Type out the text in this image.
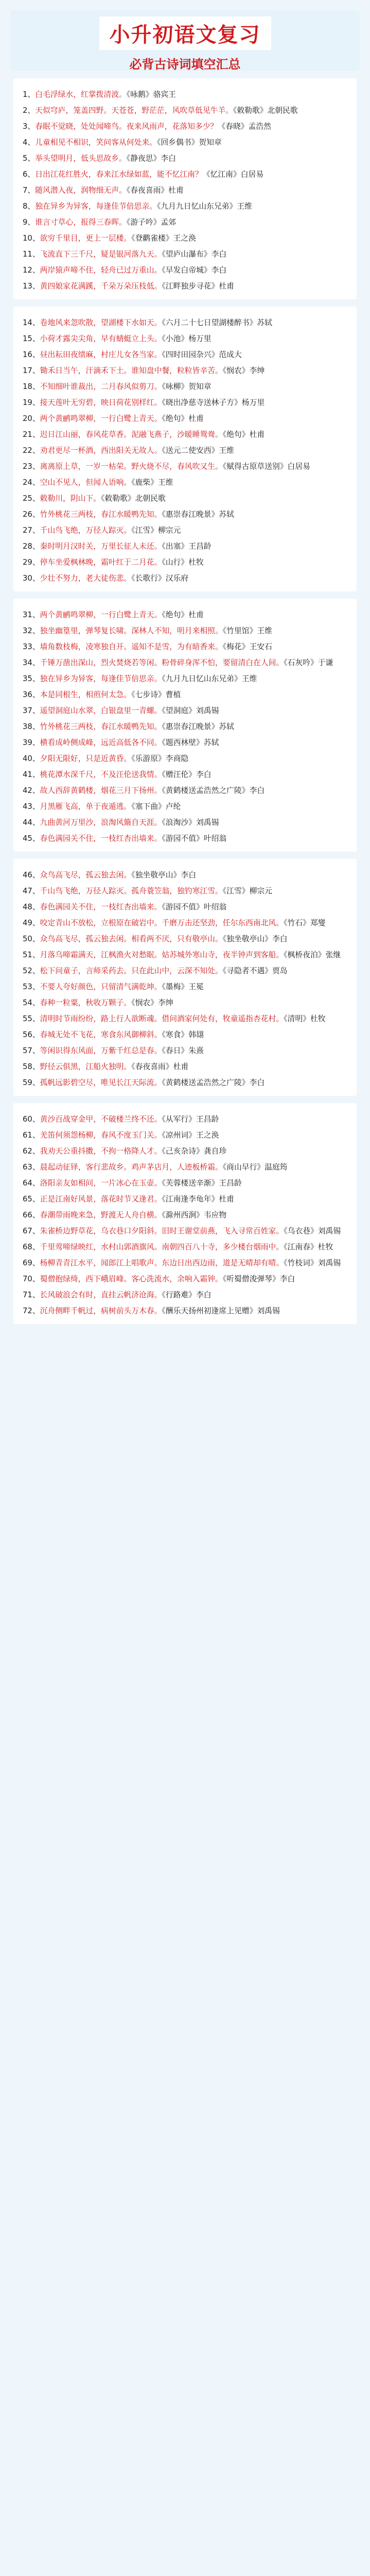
小升初语文复习
必背古诗词填空汇总

1、白毛浮绿水，红掌拨清波。《咏鹅》骆宾王

2、天似穹庐，笼盖四野。天苍苍，野茫茫，风吹草低见牛羊。《敕勒歌》北朝民歌

3、春眠不觉晓，处处闻啼鸟。夜来风雨声，花落知多少？《春晓》孟浩然

4、儿童相见不相识，笑问客从何处来。《回乡偶书》贺知章

5、举头望明月，低头思故乡。《静夜思》李白

6、日出江花红胜火，春来江水绿如蓝，能不忆江南？《忆江南》白居易

7、随风潜入夜，润物细无声。《春夜喜雨》杜甫

8、独在异乡为异客，每逢佳节倍思亲。《九月九日忆山东兄弟》王维

9、谁言寸草心，报得三春晖。《游子吟》孟郊

10、欲穷千里目，更上一层楼。《登鹳雀楼》王之涣

11、飞流直下三千尺，疑是银河落九天。《望庐山瀑布》李白

12、两岸猿声啼不住，轻舟已过万重山。《早发白帝城》李白

13、黄四娘家花满蹊，千朵万朵压枝低。《江畔独步寻花》杜甫

14、卷地风来忽吹散，望湖楼下水如天。《六月二十七日望湖楼醉书》苏轼

15、小荷才露尖尖角，早有蜻蜓立上头。《小池》杨万里

16、昼出耘田夜绩麻，村庄儿女各当家。《四时田园杂兴》范成大

17、锄禾日当午，汗滴禾下土。谁知盘中餐，粒粒皆辛苦。《悯农》李绅

18、不知细叶谁裁出，二月春风似剪刀。《咏柳》贺知章

19、接天莲叶无穷碧，映日荷花别样红。《晓出净慈寺送林子方》杨万里

20、两个黄鹂鸣翠柳，一行白鹭上青天。《绝句》杜甫

21、迟日江山丽，春风花草香。泥融飞燕子，沙暖睡鸳鸯。《绝句》杜甫

22、劝君更尽一杯酒，西出阳关无故人。《送元二使安西》王维

23、离离原上草，一岁一枯荣。野火烧不尽，春风吹又生。《赋得古原草送别》白居易

24、空山不见人，但闻人语响。《鹿柴》王维

25、敕勒川，阴山下。《敕勒歌》北朝民歌

26、竹外桃花三两枝，春江水暖鸭先知。《惠崇春江晚景》苏轼

27、千山鸟飞绝，万径人踪灭。《江雪》柳宗元

28、秦时明月汉时关，万里长征人未还。《出塞》王昌龄

29、停车坐爱枫林晚，霜叶红于二月花。《山行》杜牧

30、少壮不努力，老大徒伤悲。《长歌行》汉乐府

31、两个黄鹂鸣翠柳，一行白鹭上青天。《绝句》杜甫

32、独坐幽篁里，弹琴复长啸。深林人不知，明月来相照。《竹里馆》王维

33、墙角数枝梅，凌寒独自开。遥知不是雪，为有暗香来。《梅花》王安石

34、千锤万凿出深山，烈火焚烧若等闲。粉骨碎身浑不怕，要留清白在人间。《石灰吟》于谦

35、独在异乡为异客，每逢佳节倍思亲。《九月九日忆山东兄弟》王维

36、本是同根生，相煎何太急。《七步诗》曹植

37、遥望洞庭山水翠，白银盘里一青螺。《望洞庭》刘禹锡

38、竹外桃花三两枝，春江水暖鸭先知。《惠崇春江晚景》苏轼

39、横看成岭侧成峰，远近高低各不同。《题西林壁》苏轼

40、夕阳无限好，只是近黄昏。《乐游原》李商隐

41、桃花潭水深千尺，不及汪伦送我情。《赠汪伦》李白

42、故人西辞黄鹤楼，烟花三月下扬州。《黄鹤楼送孟浩然之广陵》李白

43、月黑雁飞高，单于夜遁逃。《塞下曲》卢纶

44、九曲黄河万里沙，浪淘风簸自天涯。《浪淘沙》刘禹锡

45、春色满园关不住，一枝红杏出墙来。《游园不值》叶绍翁

46、众鸟高飞尽，孤云独去闲。《独坐敬亭山》李白

47、千山鸟飞绝，万径人踪灭。孤舟蓑笠翁，独钓寒江雪。《江雪》柳宗元

48、春色满园关不住，一枝红杏出墙来。《游园不值》叶绍翁

49、咬定青山不放松，立根原在破岩中。千磨万击还坚劲，任尔东西南北风。《竹石》郑燮

50、众鸟高飞尽，孤云独去闲。相看两不厌，只有敬亭山。《独坐敬亭山》李白

51、月落乌啼霜满天，江枫渔火对愁眠。姑苏城外寒山寺，夜半钟声到客船。《枫桥夜泊》张继

52、松下问童子，言师采药去。只在此山中，云深不知处。《寻隐者不遇》贾岛

53、不要人夸好颜色，只留清气满乾坤。《墨梅》王冕

54、春种一粒粟，秋收万颗子。《悯农》李绅

55、清明时节雨纷纷，路上行人欲断魂。借问酒家何处有，牧童遥指杏花村。《清明》杜牧

56、春城无处不飞花，寒食东风御柳斜。《寒食》韩翃

57、等闲识得东风面，万紫千红总是春。《春日》朱熹

58、野径云俱黑，江船火独明。《春夜喜雨》杜甫

59、孤帆远影碧空尽，唯见长江天际流。《黄鹤楼送孟浩然之广陵》李白

60、黄沙百战穿金甲，不破楼兰终不还。《从军行》王昌龄

61、羌笛何须怨杨柳，春风不度玉门关。《凉州词》王之涣

62、我劝天公重抖擞，不拘一格降人才。《己亥杂诗》龚自珍

63、晨起动征铎，客行悲故乡。鸡声茅店月，人迹板桥霜。《商山早行》温庭筠

64、洛阳亲友如相问，一片冰心在玉壶。《芙蓉楼送辛渐》王昌龄

65、正是江南好风景，落花时节又逢君。《江南逢李龟年》杜甫

66、春潮带雨晚来急，野渡无人舟自横。《滁州西涧》韦应物

67、朱雀桥边野草花，乌衣巷口夕阳斜。旧时王谢堂前燕，飞入寻常百姓家。《乌衣巷》刘禹锡

68、千里莺啼绿映红，水村山郭酒旗风。南朝四百八十寺，多少楼台烟雨中。《江南春》杜牧

69、杨柳青青江水平，闻郎江上唱歌声。东边日出西边雨，道是无晴却有晴。《竹枝词》刘禹锡

70、蜀僧抱绿绮，西下峨眉峰。客心洗流水，余响入霜钟。《听蜀僧浚弹琴》李白

71、长风破浪会有时，直挂云帆济沧海。《行路难》李白

72、沉舟侧畔千帆过，病树前头万木春。《酬乐天扬州初逢席上见赠》刘禹锡
